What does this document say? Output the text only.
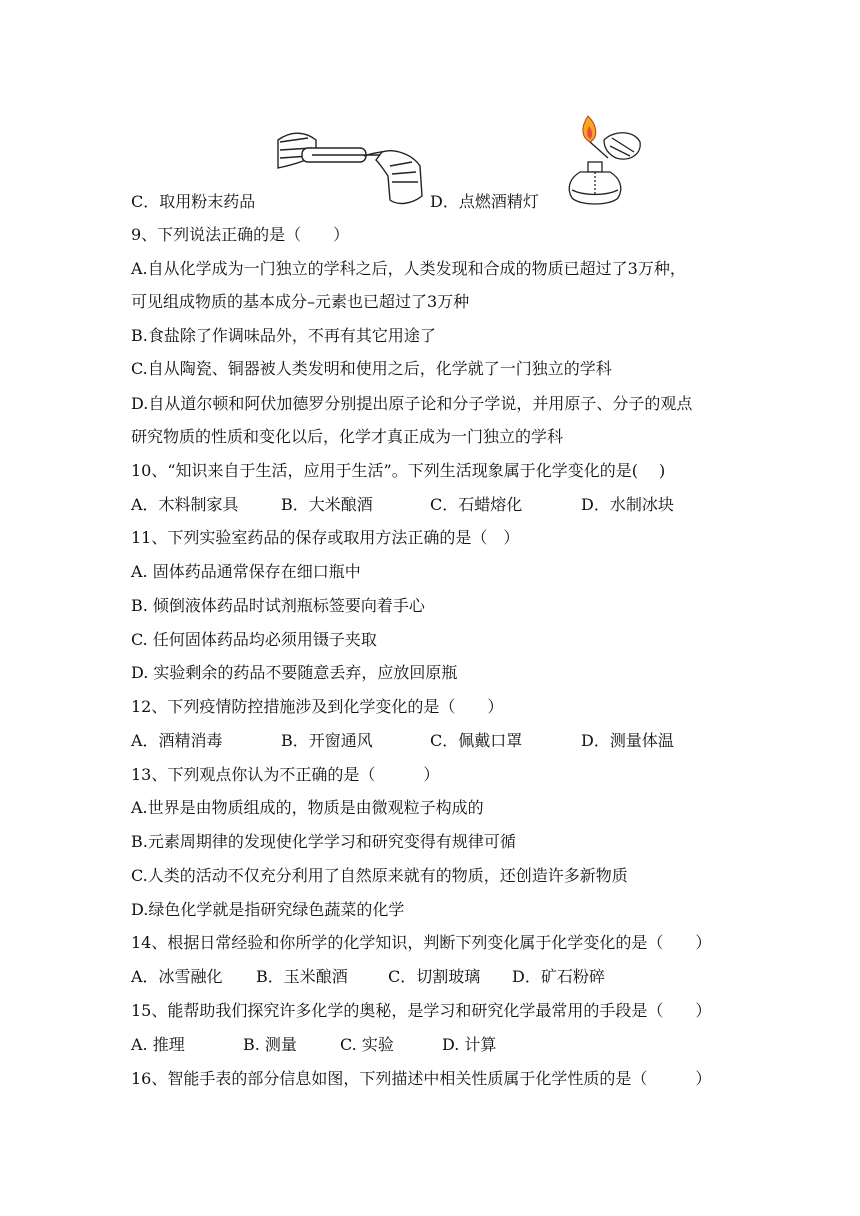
C．取用粉末药品	D．点燃酒精灯
9、下列说法正确的是（　　）
A.自从化学成为一门独立的学科之后，人类发现和合成的物质已超过了3万种，
可见组成物质的基本成分–元素也已超过了3万种
B.食盐除了作调味品外，不再有其它用途了
C.自从陶瓷、铜器被人类发明和使用之后，化学就了一门独立的学科
D.自从道尔顿和阿伏加德罗分别提出原子论和分子学说，并用原子、分子的观点
研究物质的性质和变化以后，化学才真正成为一门独立的学科
10、“知识来自于生活，应用于生活”。下列生活现象属于化学变化的是(　 )
A．木料制家具	B．大米酿酒	C．石蜡熔化	D．水制冰块
11、下列实验室药品的保存或取用方法正确的是（　）
A. 固体药品通常保存在细口瓶中
B. 倾倒液体药品时试剂瓶标签要向着手心
C. 任何固体药品均必须用镊子夹取
D. 实验剩余的药品不要随意丢弃，应放回原瓶
12、下列疫情防控措施涉及到化学变化的是（　　）
A．酒精消毒	B．开窗通风	C．佩戴口罩	D．测量体温
13、下列观点你认为不正确的是（　　　）
A.世界是由物质组成的，物质是由微观粒子构成的
B.元素周期律的发现使化学学习和研究变得有规律可循
C.人类的活动不仅充分利用了自然原来就有的物质，还创造许多新物质
D.绿色化学就是指研究绿色蔬菜的化学
14、根据日常经验和你所学的化学知识，判断下列变化属于化学变化的是（　　）
A．冰雪融化 B．玉米酿酒	C．切割玻璃 D．矿石粉碎
15、能帮助我们探究许多化学的奥秘，是学习和研究化学最常用的手段是（　　）
A. 推理	B. 测量	C. 实验	D. 计算
16、智能手表的部分信息如图，下列描述中相关性质属于化学性质的是（　　　）
